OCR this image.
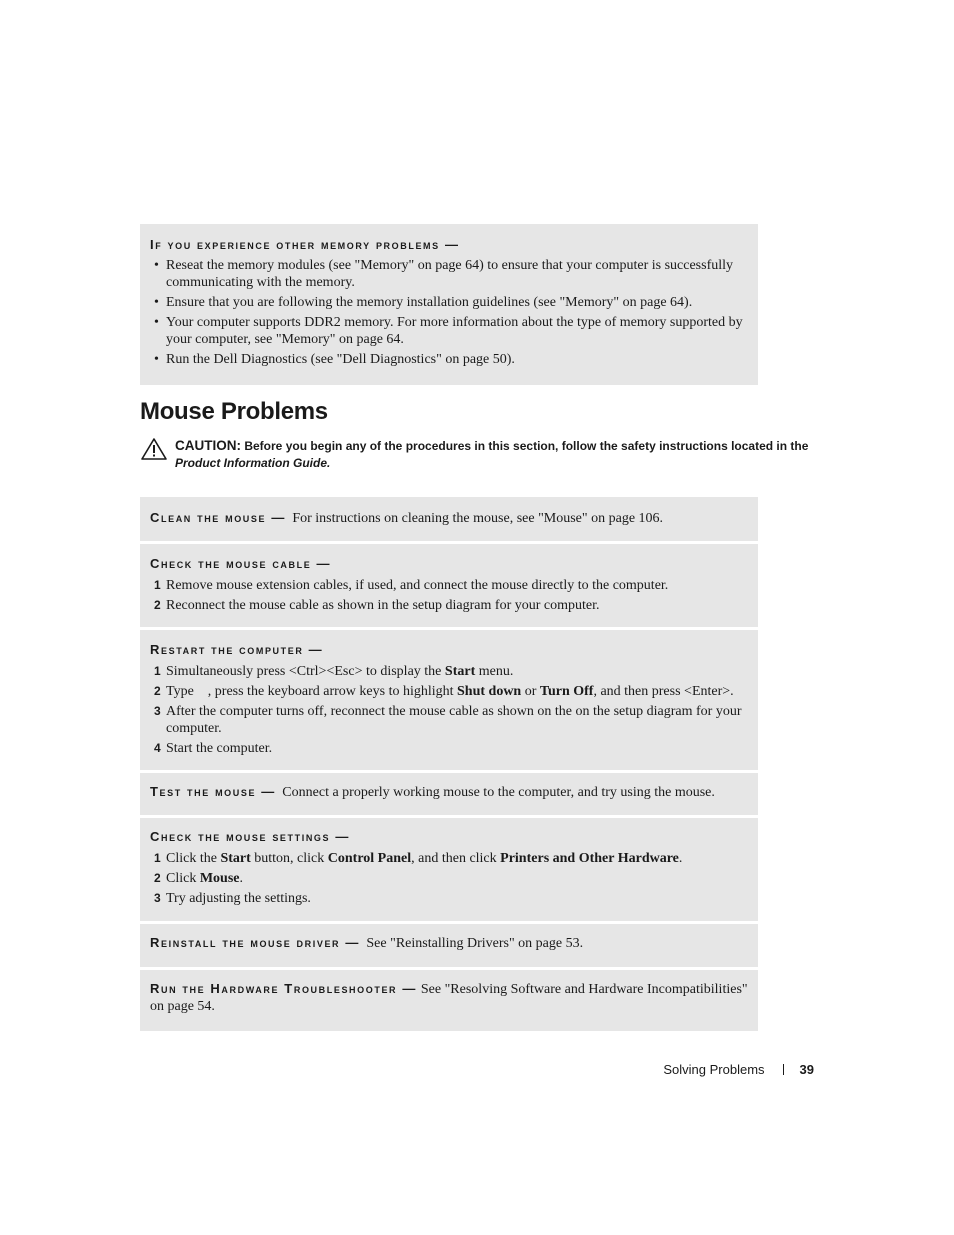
If you experience other memory problems —
• Reseat the memory modules (see "Memory" on page 64) to ensure that your computer is successfully communicating with the memory.
• Ensure that you are following the memory installation guidelines (see "Memory" on page 64).
• Your computer supports DDR2 memory. For more information about the type of memory supported by your computer, see "Memory" on page 64.
• Run the Dell Diagnostics (see "Dell Diagnostics" on page 50).
Mouse Problems
CAUTION: Before you begin any of the procedures in this section, follow the safety instructions located in the
Product Information Guide.
Clean the mouse — For instructions on cleaning the mouse, see "Mouse" on page 106.
Check the mouse cable —
1 Remove mouse extension cables, if used, and connect the mouse directly to the computer.
2 Reconnect the mouse cable as shown in the setup diagram for your computer.
Restart the computer —
1 Simultaneously press <Ctrl><Esc> to display the Start menu.
2 Type    , press the keyboard arrow keys to highlight Shut down or Turn Off, and then press <Enter>.
3 After the computer turns off, reconnect the mouse cable as shown on the on the setup diagram for your computer.
4 Start the computer.
Test the mouse — Connect a properly working mouse to the computer, and try using the mouse.
Check the mouse settings —
1 Click the Start button, click Control Panel, and then click Printers and Other Hardware.
2 Click Mouse.
3 Try adjusting the settings.
Reinstall the mouse driver — See "Reinstalling Drivers" on page 53.
Run the Hardware Troubleshooter — See "Resolving Software and Hardware Incompatibilities" on page 54.
Solving Problems	39
